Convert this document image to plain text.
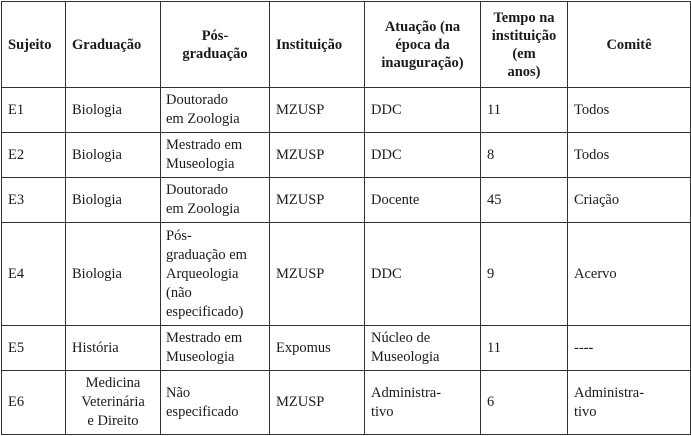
Sujeito	Graduação	Pós-
graduação	Instituição	Atuação (na
época da
inauguração)	Tempo na
instituição
(em
anos)	Comitê

E1	Biologia	Doutorado
em Zoologia	MZUSP	DDC	11	Todos

E2	Biologia	Mestrado em
Museologia	MZUSP	DDC	8	Todos

E3	Biologia	Doutorado
em Zoologia	MZUSP	Docente	45	Criação

E4	Biologia	Pós-
graduação em
Arqueologia
(não
especificado)	MZUSP	DDC	9	Acervo

E5	História	Mestrado em
Museologia	Expomus	Núcleo de
Museologia	11	----

E6	Medicina
Veterinária
e Direito	Não
especificado	MZUSP	Administra-
tivo	6	Administra-
tivo
